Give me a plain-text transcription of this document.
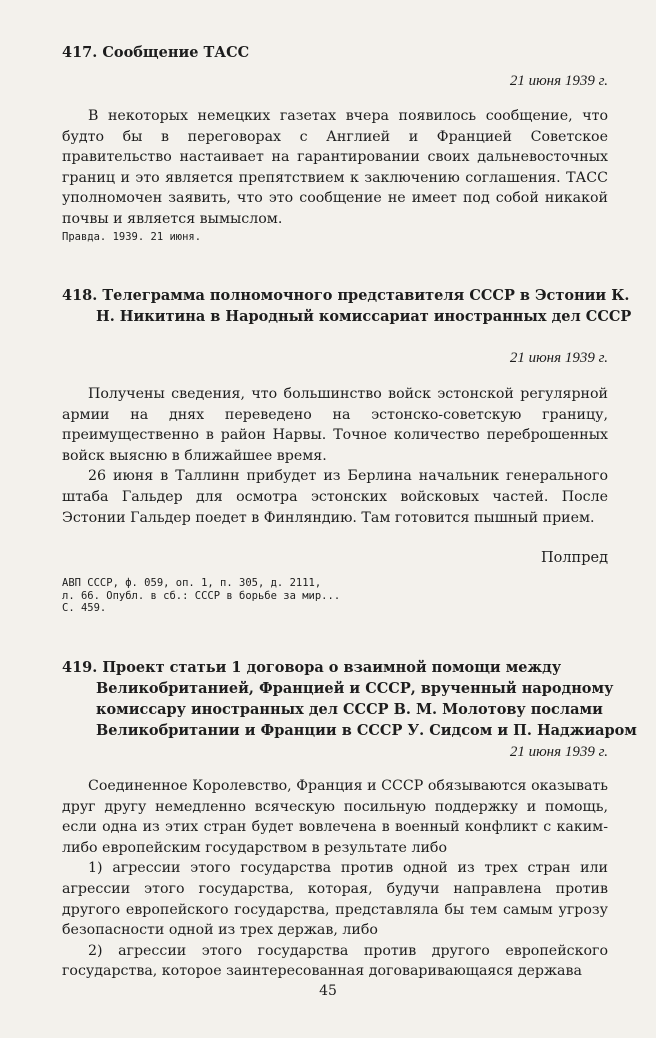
417. Сообщение ТАСС
21 июня 1939 г.

В некоторых немецких газетах вчера появилось сообщение, что будто бы в переговорах с Англией и Францией Советское правительство настаивает на гарантировании своих дальневосточных границ и это является препятствием к заключению соглашения. ТАСС уполномочен заявить, что это сообщение не имеет под собой никакой почвы и является вымыслом.

Правда. 1939. 21 июня.
418. Телеграмма полномочного представителя СССР в Эстонии К. Н. Никитина в Народный комиссариат иностранных дел СССР
21 июня 1939 г.

Получены сведения, что большинство войск эстонской регулярной армии на днях переведено на эстонско-советскую границу, преимущественно в район Нарвы. Точное количество переброшенных войск выясню в ближайшее время.

26 июня в Таллинн прибудет из Берлина начальник генерального штаба Гальдер для осмотра эстонских войсковых частей. После Эстонии Гальдер поедет в Финляндию. Там готовится пышный прием.

Полпред
АВП СССР, ф. 059, оп. 1, п. 305, д. 2111,
л. 66. Опубл. в сб.: СССР в борьбе за мир...
С. 459.
419. Проект статьи 1 договора о взаимной помощи между Великобританией, Францией и СССР, врученный народному комиссару иностранных дел СССР В. М. Молотову послами Великобритании и Франции в СССР У. Сидсом и П. Наджиаром
21 июня 1939 г.

Соединенное Королевство, Франция и СССР обязываются оказывать друг другу немедленно всяческую посильную поддержку и помощь, если одна из этих стран будет вовлечена в военный конфликт с каким-либо европейским государством в результате либо

1) агрессии этого государства против одной из трех стран или агрессии этого государства, которая, будучи направлена против другого европейского государства, представляла бы тем самым угрозу безопасности одной из трех держав, либо

2) агрессии этого государства против другого европейского государства, которое заинтересованная договаривающаяся держава

45
